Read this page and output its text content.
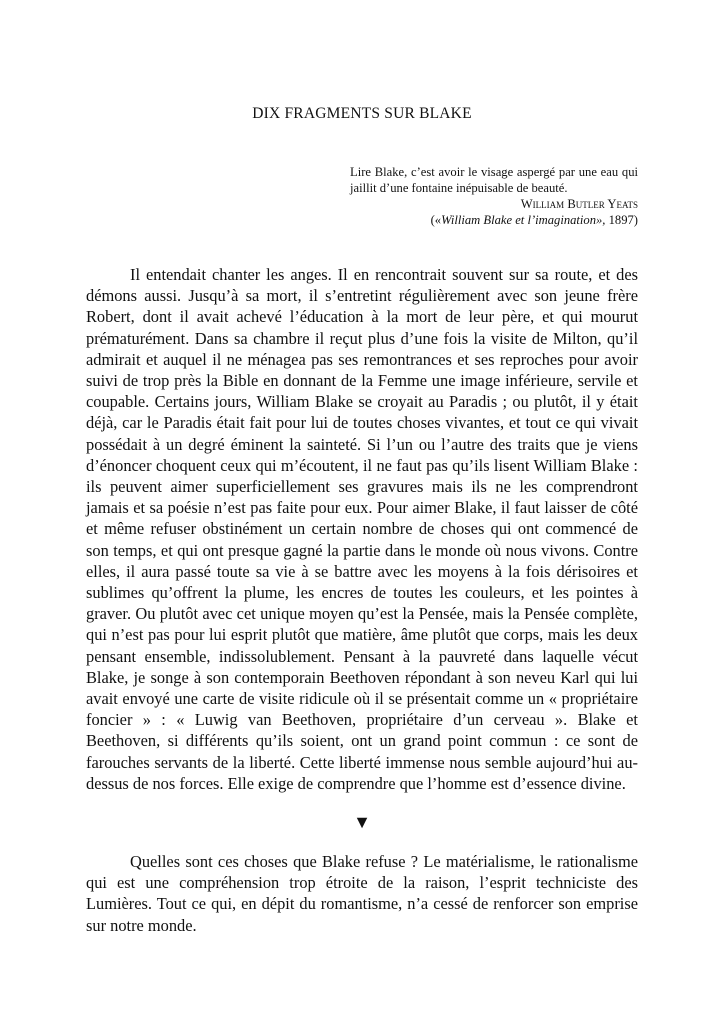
DIX FRAGMENTS SUR BLAKE

Lire Blake, c’est avoir le visage aspergé par une eau qui jaillit d’une fontaine inépuisable de beauté.

William Butler Yeats

(«William Blake et l’imagination», 1897)

Il entendait chanter les anges. Il en rencontrait souvent sur sa route, et des démons aussi. Jusqu’à sa mort, il s’entretint régulièrement avec son jeune frère Robert, dont il avait achevé l’éducation à la mort de leur père, et qui mourut prématurément. Dans sa chambre il reçut plus d’une fois la visite de Milton, qu’il admirait et auquel il ne ménagea pas ses remontrances et ses reproches pour avoir suivi de trop près la Bible en donnant de la Femme une image inférieure, servile et coupable. Certains jours, William Blake se croyait au Paradis ; ou plutôt, il y était déjà, car le Paradis était fait pour lui de toutes choses vivantes, et tout ce qui vivait possédait à un degré éminent la sainteté. Si l’un ou l’autre des traits que je viens d’énoncer choquent ceux qui m’écoutent, il ne faut pas qu’ils lisent William Blake : ils peuvent aimer superficiellement ses gravures mais ils ne les comprendront jamais et sa poésie n’est pas faite pour eux. Pour aimer Blake, il faut laisser de côté et même refuser obstinément un certain nombre de choses qui ont commencé de son temps, et qui ont presque gagné la partie dans le monde où nous vivons. Contre elles, il aura passé toute sa vie à se battre avec les moyens à la fois dérisoires et sublimes qu’offrent la plume, les encres de toutes les couleurs, et les pointes à graver. Ou plutôt avec cet unique moyen qu’est la Pensée, mais la Pensée complète, qui n’est pas pour lui esprit plutôt que matière, âme plutôt que corps, mais les deux pensant ensemble, indissolublement. Pensant à la pauvreté dans laquelle vécut Blake, je songe à son contemporain Beethoven répondant à son neveu Karl qui lui avait envoyé une carte de visite ridicule où il se présentait comme un « propriétaire foncier » : « Luwig van Beethoven, propriétaire d’un cerveau ». Blake et Beethoven, si différents qu’ils soient, ont un grand point commun : ce sont de farouches servants de la liberté. Cette liberté immense nous semble aujourd’hui au-dessus de nos forces. Elle exige de comprendre que l’homme est d’essence divine.

▼

Quelles sont ces choses que Blake refuse ? Le matérialisme, le rationalisme qui est une compréhension trop étroite de la raison, l’esprit techniciste des Lumières. Tout ce qui, en dépit du romantisme, n’a cessé de renforcer son emprise sur notre monde.
